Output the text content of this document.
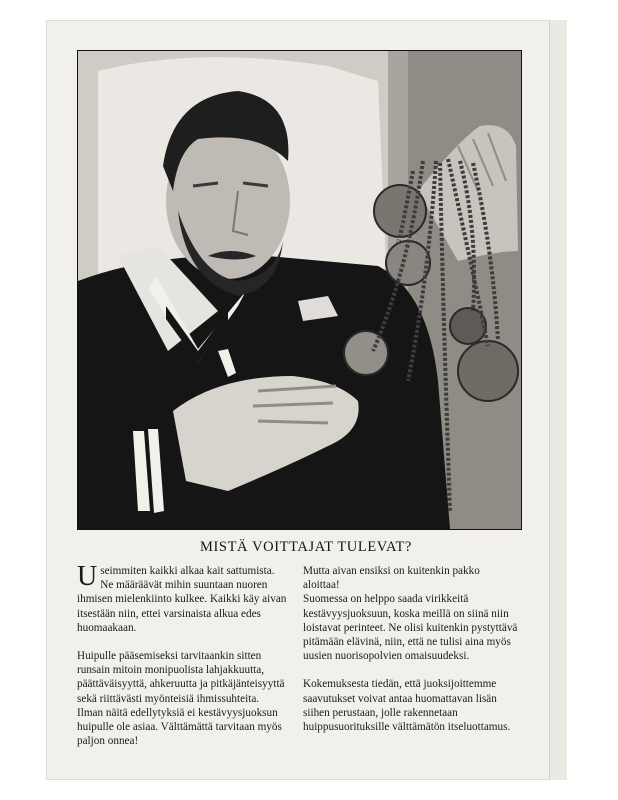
MISTÄ VOITTAJAT TULEVAT?

Useimmiten kaikki alkaa kait sattumista. Ne määräävät mihin suuntaan nuoren ihmisen mielenkiinto kulkee. Kaikki käy aivan itsestään niin, ettei varsinaista alkua edes huomaakaan.

Huipulle pääsemiseksi tarvitaankin sitten runsain mitoin monipuolista lahjakkuutta, päättäväisyyttä, ahkeruutta ja pitkäjänteisyyttä sekä riittävästi myönteisiä ihmissuhteita. Ilman näitä edellytyksiä ei kestävyysjuoksun huipulle ole asiaa. Välttämättä tarvitaan myös paljon onnea!

Mutta aivan ensiksi on kuitenkin pakko aloittaa!

Suomessa on helppo saada virikkeitä kestävyysjuoksuun, koska meillä on siinä niin loistavat perinteet. Ne olisi kuitenkin pystyttävä pitämään elävinä, niin, että ne tulisi aina myös uusien nuorisopolvien omaisuudeksi.

Kokemuksesta tiedän, että juoksijoittemme saavutukset voivat antaa huomattavan lisän siihen perustaan, jolle rakennetaan huippusuorituksille välttämätön itseluottamus.
